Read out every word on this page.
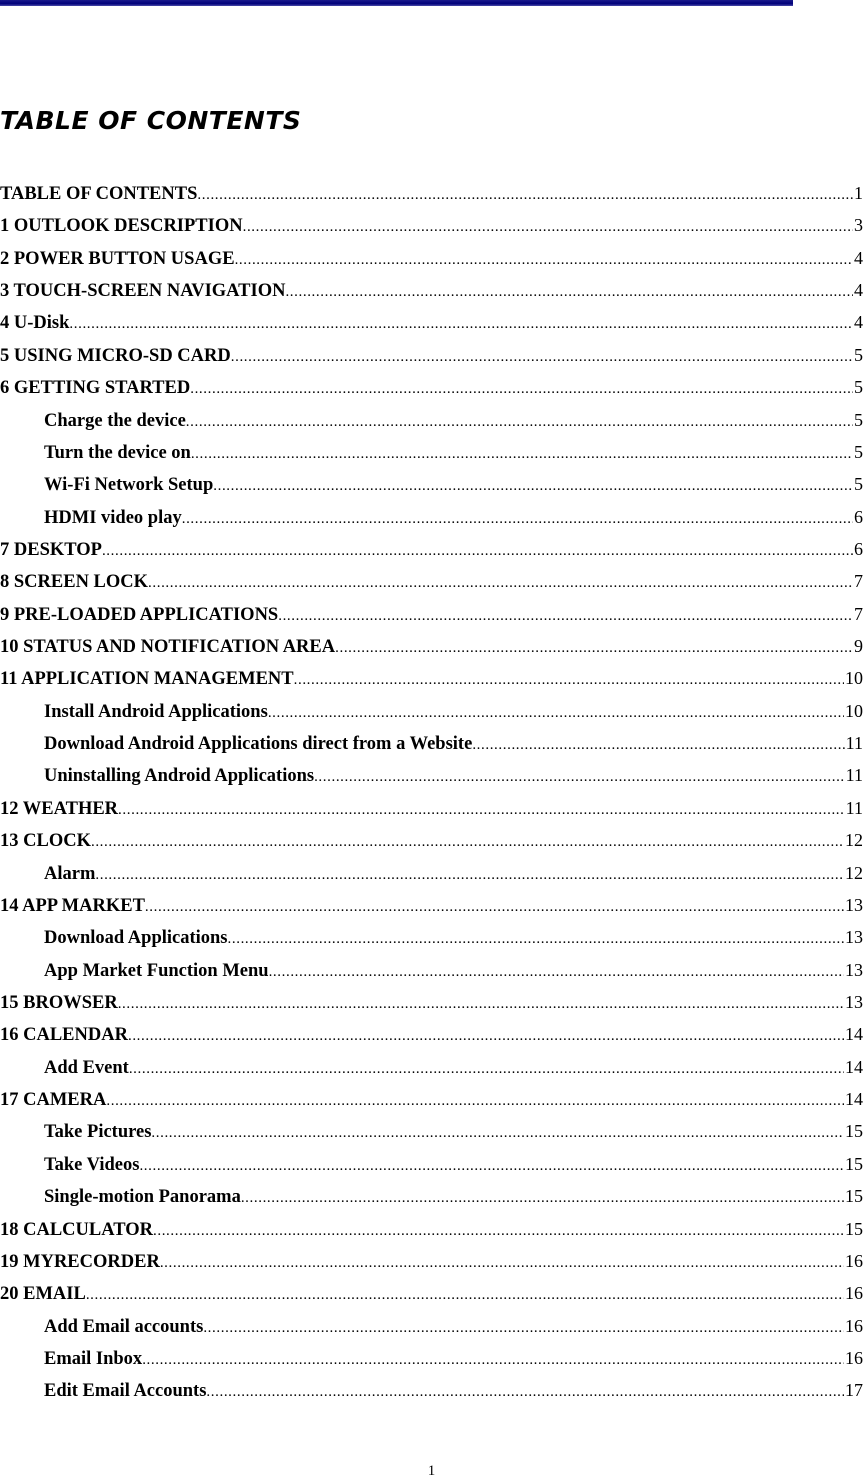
TABLE OF CONTENTS
TABLE OF CONTENTS .....	1
1 OUTLOOK DESCRIPTION .....	3
2 POWER BUTTON USAGE .....	4
3 TOUCH-SCREEN NAVIGATION .....	4
4 U-Disk .....	4
5 USING MICRO-SD CARD .....	5
6 GETTING STARTED .....	5
Charge the device .....	5
Turn the device on .....	5
Wi-Fi Network Setup .....	5
HDMI video play .....	6
7 DESKTOP .....	6
8 SCREEN LOCK .....	7
9 PRE-LOADED APPLICATIONS .....	7
10 STATUS AND NOTIFICATION AREA .....	9
11 APPLICATION MANAGEMENT .....	10
Install Android Applications .....	10
Download Android Applications direct from a Website .....	11
Uninstalling Android Applications .....	11
12 WEATHER .....	11
13 CLOCK .....	12
Alarm .....	12
14 APP MARKET .....	13
Download Applications .....	13
App Market Function Menu .....	13
15 BROWSER .....	13
16 CALENDAR .....	14
Add Event .....	14
17 CAMERA .....	14
Take Pictures .....	15
Take Videos .....	15
Single-motion Panorama .....	15
18 CALCULATOR .....	15
19 MYRECORDER .....	16
20 EMAIL .....	16
Add Email accounts .....	16
Email Inbox .....	16
Edit Email Accounts .....	17
1
